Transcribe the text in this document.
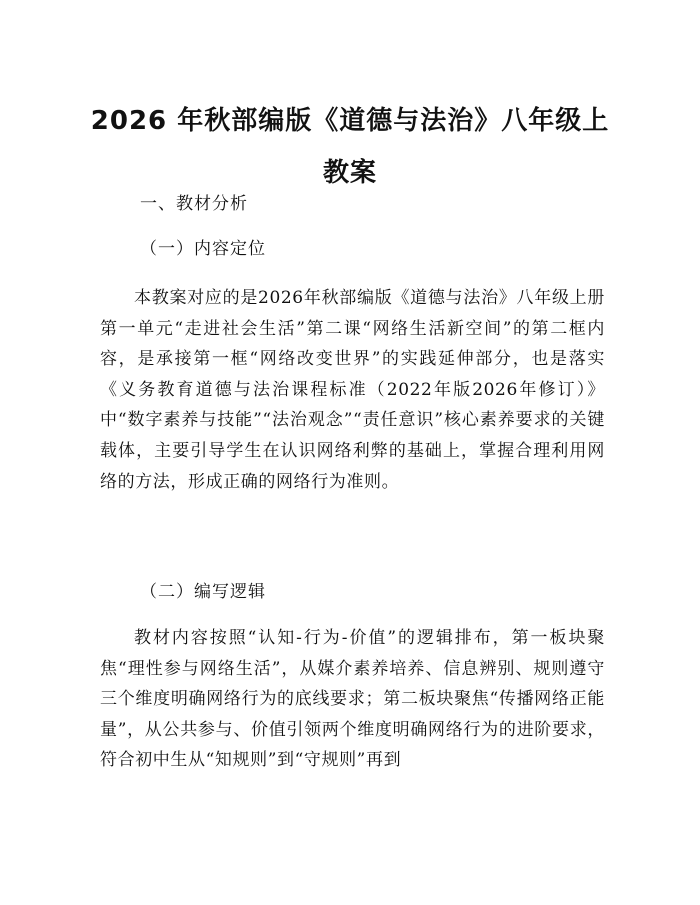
2026 年秋部编版《道德与法治》八年级上教案
一、教材分析
（一）内容定位

本教案对应的是2026年秋部编版《道德与法治》八年级上册第一单元“走进社会生活”第二课“网络生活新空间”的第二框内容，是承接第一框“网络改变世界”的实践延伸部分，也是落实《义务教育道德与法治课程标准（2022年版2026年修订）》中“数字素养与技能”“法治观念”“责任意识”核心素养要求的关键载体，主要引导学生在认识网络利弊的基础上，掌握合理利用网络的方法，形成正确的网络行为准则。

（二）编写逻辑

教材内容按照“认知-行为-价值”的逻辑排布，第一板块聚焦“理性参与网络生活”，从媒介素养培养、信息辨别、规则遵守三个维度明确网络行为的底线要求；第二板块聚焦“传播网络正能量”，从公共参与、价值引领两个维度明确网络行为的进阶要求，符合初中生从“知规则”到“守规则”再到
